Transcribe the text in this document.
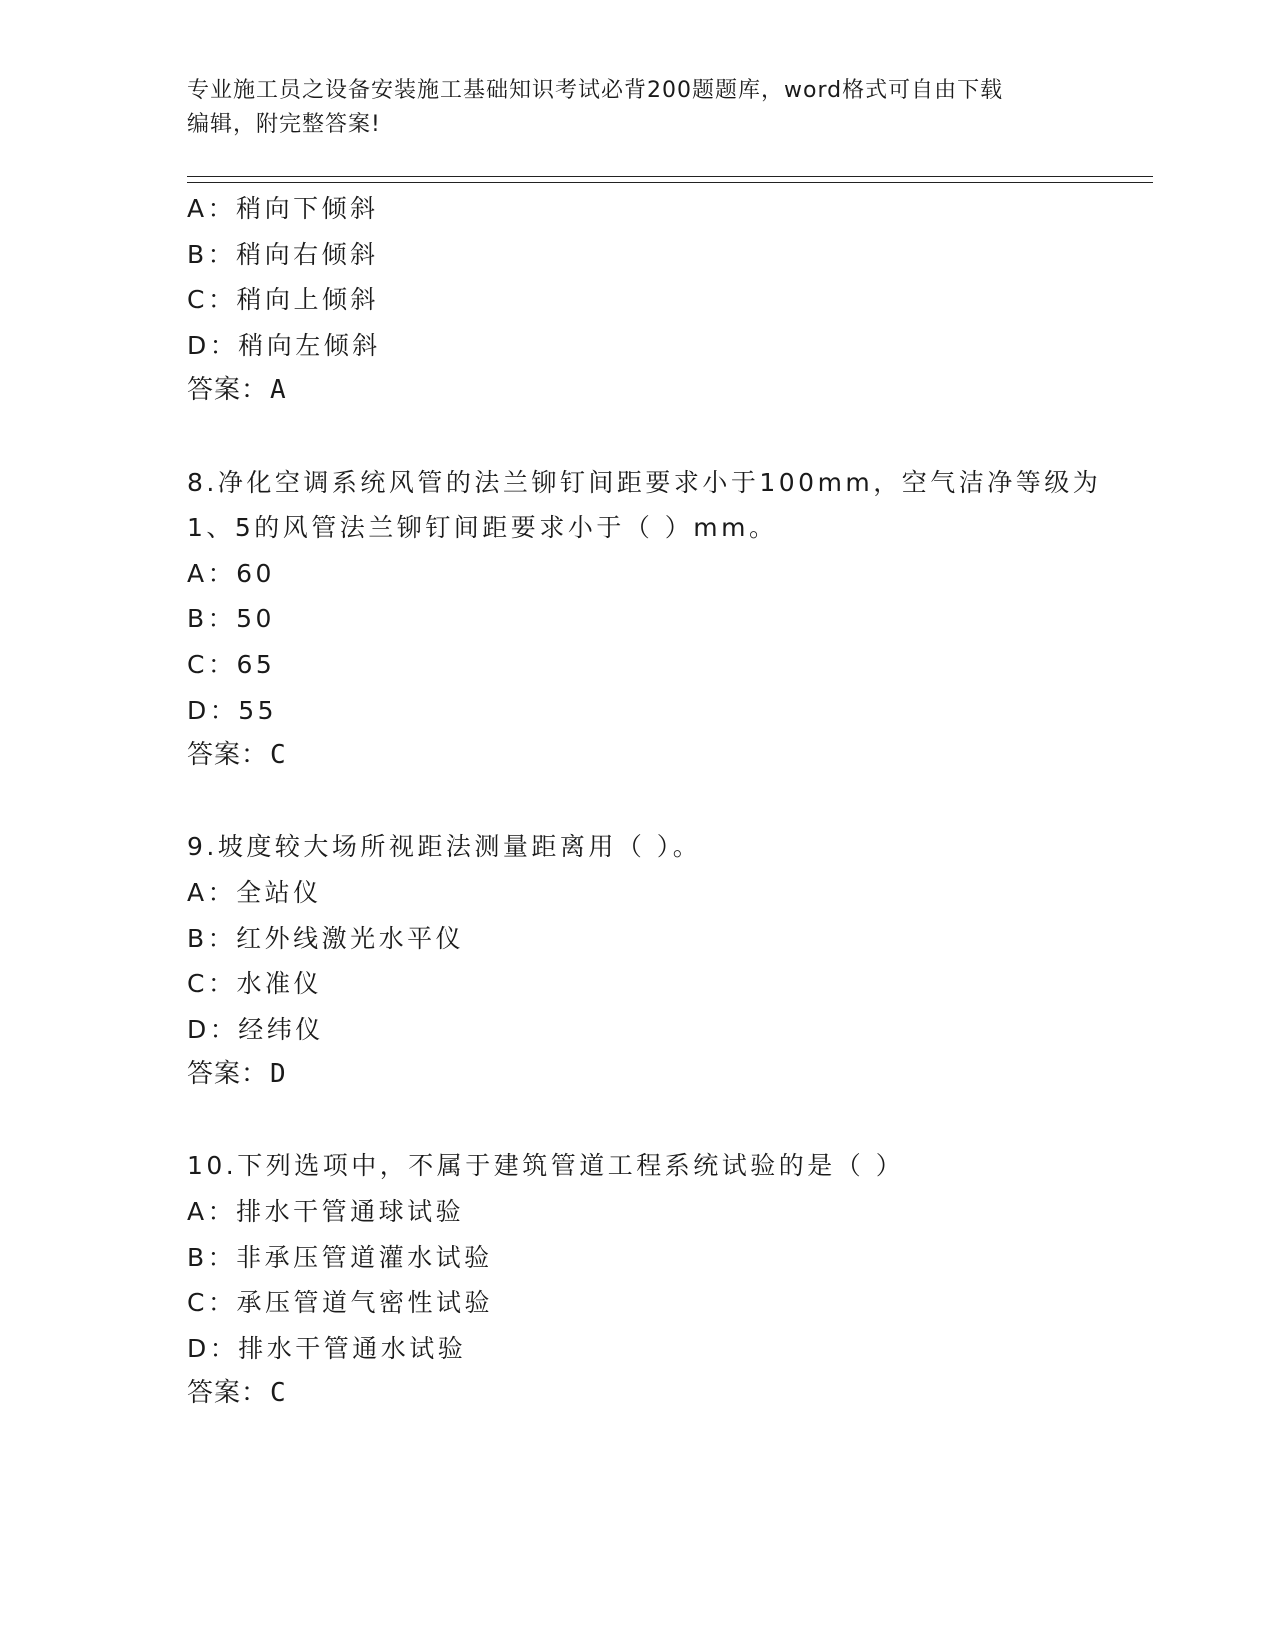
专业施工员之设备安装施工基础知识考试必背200题题库，word格式可自由下载
编辑，附完整答案!
A：稍向下倾斜
B：稍向右倾斜
C：稍向上倾斜
D：稍向左倾斜
答案：A
8.净化空调系统风管的法兰铆钉间距要求小于100mm，空气洁净等级为
1、5的风管法兰铆钉间距要求小于（ ）mm。
A：60
B：50
C：65
D：55
答案：C
9.坡度较大场所视距法测量距离用（ ）。
A：全站仪
B：红外线激光水平仪
C：水准仪
D：经纬仪
答案：D
10.下列选项中，不属于建筑管道工程系统试验的是（ ）
A：排水干管通球试验
B：非承压管道灌水试验
C：承压管道气密性试验
D：排水干管通水试验
答案：C
